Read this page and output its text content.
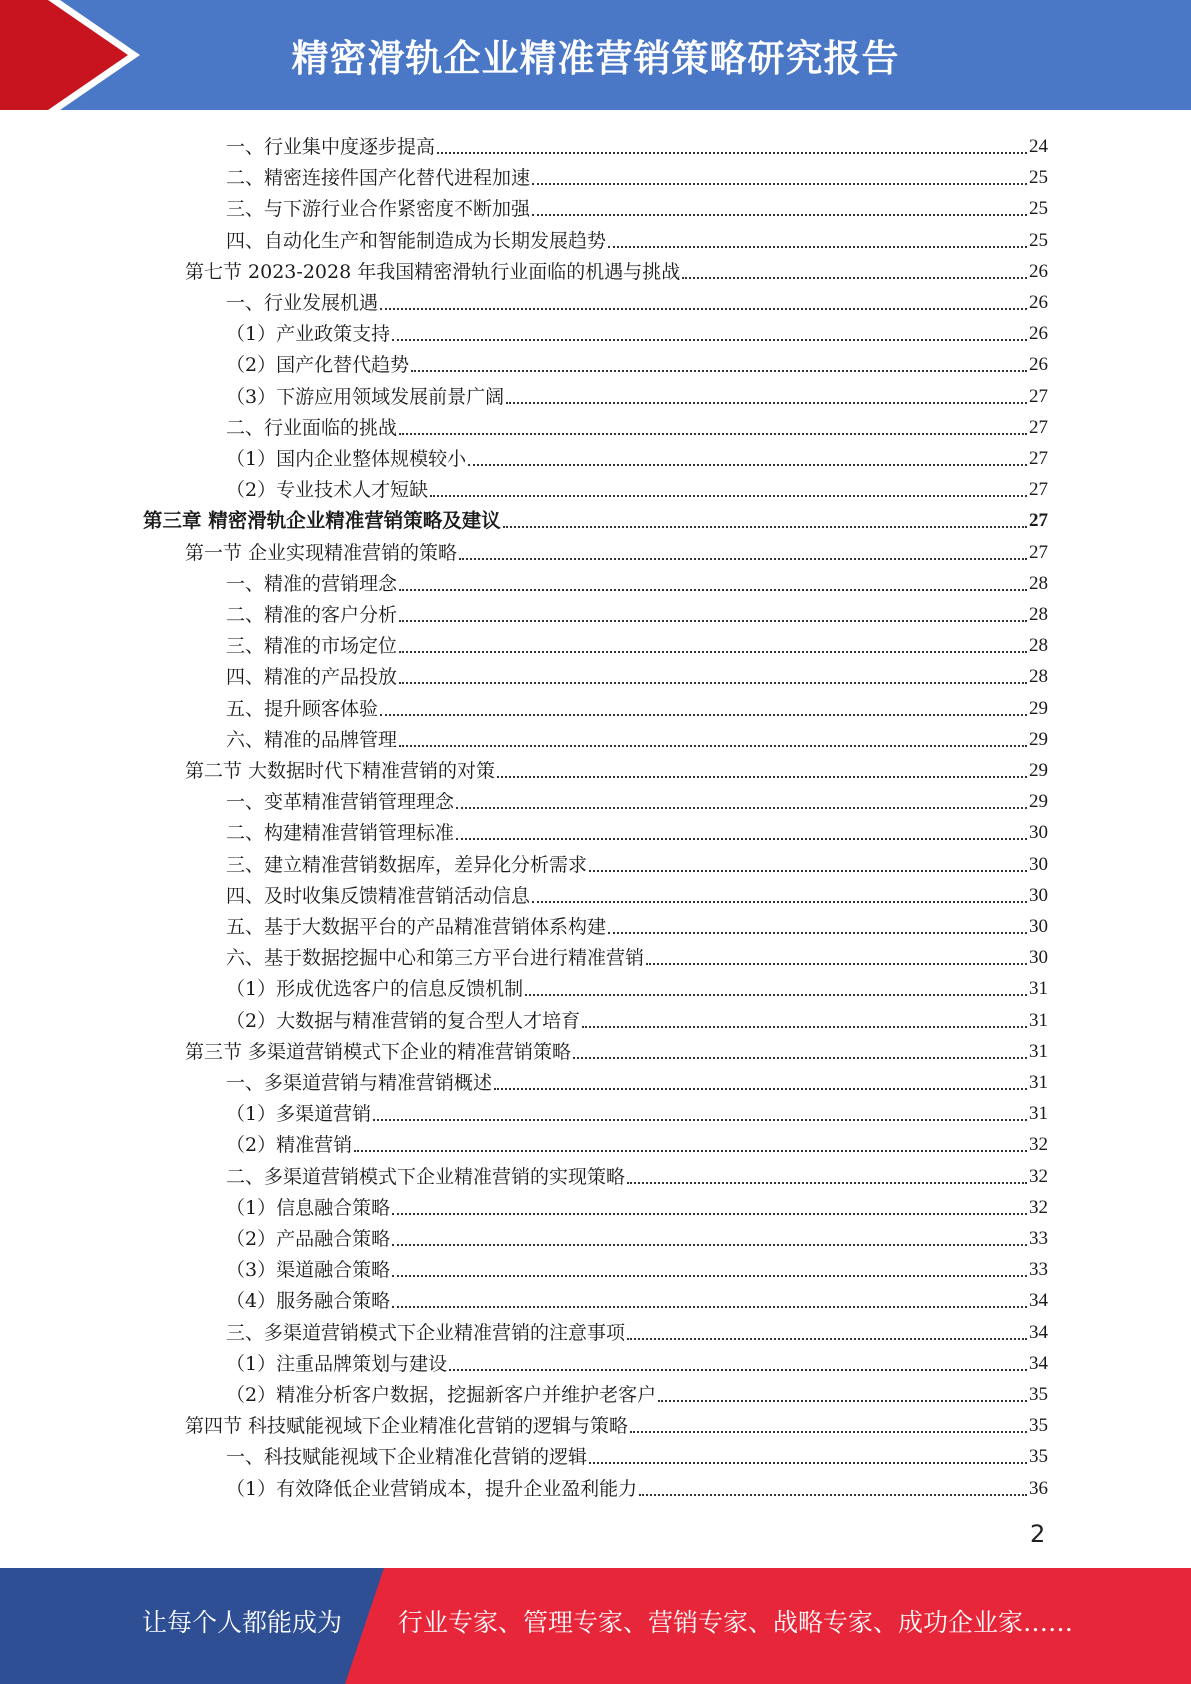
精密滑轨企业精准营销策略研究报告
一、行业集中度逐步提高	24
二、精密连接件国产化替代进程加速	25
三、与下游行业合作紧密度不断加强	25
四、自动化生产和智能制造成为长期发展趋势	25
第七节 2023-2028 年我国精密滑轨行业面临的机遇与挑战	26
一、行业发展机遇	26
（1）产业政策支持	26
（2）国产化替代趋势	26
（3）下游应用领域发展前景广阔	27
二、行业面临的挑战	27
（1）国内企业整体规模较小	27
（2）专业技术人才短缺	27
第三章 精密滑轨企业精准营销策略及建议	27
第一节 企业实现精准营销的策略	27
一、精准的营销理念	28
二、精准的客户分析	28
三、精准的市场定位	28
四、精准的产品投放	28
五、提升顾客体验	29
六、精准的品牌管理	29
第二节 大数据时代下精准营销的对策	29
一、变革精准营销管理理念	29
二、构建精准营销管理标准	30
三、建立精准营销数据库，差异化分析需求	30
四、及时收集反馈精准营销活动信息	30
五、基于大数据平台的产品精准营销体系构建	30
六、基于数据挖掘中心和第三方平台进行精准营销	30
（1）形成优选客户的信息反馈机制	31
（2）大数据与精准营销的复合型人才培育	31
第三节 多渠道营销模式下企业的精准营销策略	31
一、多渠道营销与精准营销概述	31
（1）多渠道营销	31
（2）精准营销	32
二、多渠道营销模式下企业精准营销的实现策略	32
（1）信息融合策略	32
（2）产品融合策略	33
（3）渠道融合策略	33
（4）服务融合策略	34
三、多渠道营销模式下企业精准营销的注意事项	34
（1）注重品牌策划与建设	34
（2）精准分析客户数据，挖掘新客户并维护老客户	35
第四节 科技赋能视域下企业精准化营销的逻辑与策略	35
一、科技赋能视域下企业精准化营销的逻辑	35
（1）有效降低企业营销成本，提升企业盈利能力	36
2
让每个人都能成为 行业专家、管理专家、营销专家、战略专家、成功企业家……
